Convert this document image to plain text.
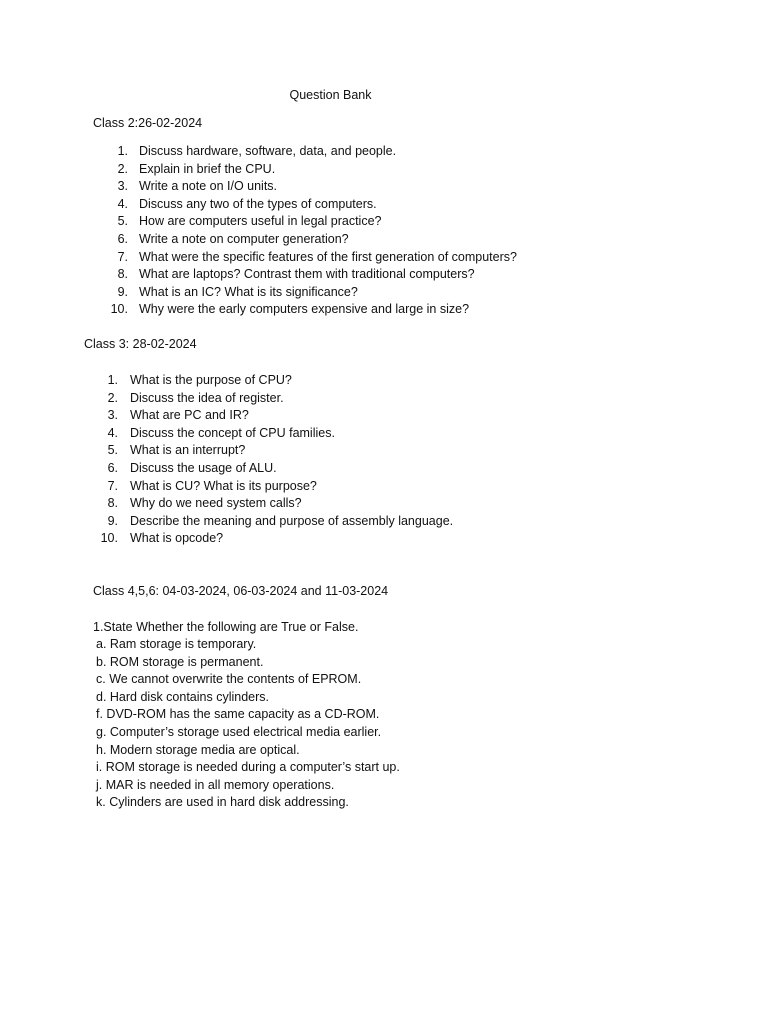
Question Bank
Class 2:26-02-2024
1. Discuss hardware, software, data, and people.
2. Explain in brief the CPU.
3. Write a note on I/O units.
4. Discuss any two of the types of computers.
5. How are computers useful in legal practice?
6. Write a note on computer generation?
7. What were the specific features of the first generation of computers?
8. What are laptops? Contrast them with traditional computers?
9. What is an IC? What is its significance?
10. Why were the early computers expensive and large in size?
Class 3: 28-02-2024
1. What is the purpose of CPU?
2. Discuss the idea of register.
3. What are PC and IR?
4. Discuss the concept of CPU families.
5. What is an interrupt?
6. Discuss the usage of ALU.
7. What is CU? What is its purpose?
8. Why do we need system calls?
9. Describe the meaning and purpose of assembly language.
10. What is opcode?
Class 4,5,6: 04-03-2024, 06-03-2024 and 11-03-2024
1.State Whether the following are True or False.
a. Ram storage is temporary.
b. ROM storage is permanent.
c. We cannot overwrite the contents of EPROM.
d. Hard disk contains cylinders.
f. DVD-ROM has the same capacity as a CD-ROM.
g. Computer’s storage used electrical media earlier.
h. Modern storage media are optical.
i. ROM storage is needed during a computer’s start up.
j. MAR is needed in all memory operations.
k. Cylinders are used in hard disk addressing.
